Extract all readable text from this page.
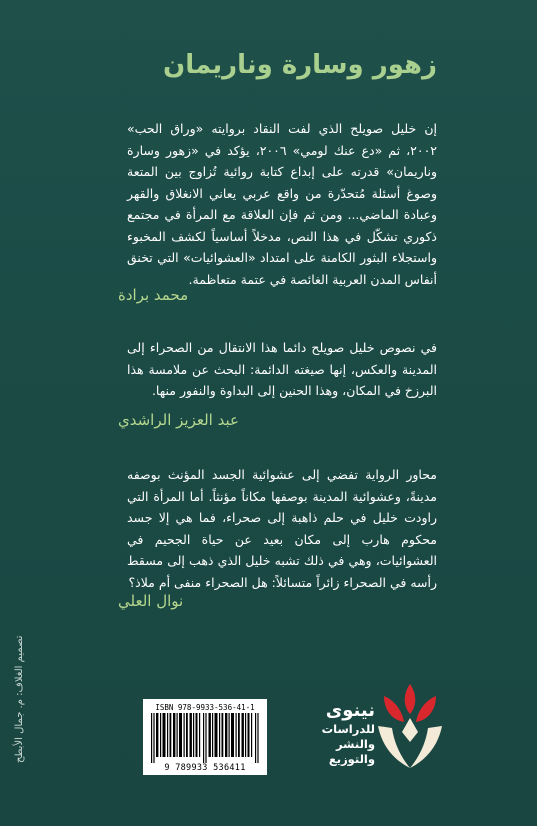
زهور وسارة وناريمان
إن خليل صويلح الذي لفت النقاد بروايته «وراق الحب» ٢٠٠٢، ثم «دع عنك لومي» ٢٠٠٦، يؤكد في «زهور وسارة وناريمان» قدرته على إبداع كتابة روائية تُزاوج بين المتعة وصوغ أسئلة مُتحدّرة من واقع عربي يعاني الانغلاق والقهر وعبادة الماضي... ومن ثم فإن العلاقة مع المرأة في مجتمع ذكوري تشكّل في هذا النص، مدخلاً أساسياً لكشف المخبوء واستجلاء البثور الكامنة على امتداد «العشوائيات» التي تخنق أنفاس المدن العربية الغائصة في عتمة متعاظمة.
محمد برادة
في نصوص خليل صويلح دائما هذا الانتقال من الصحراء إلى المدينة والعكس، إنها صيغته الدائمة: البحث عن ملامسة هذا البرزخ في المكان، وهذا الحنين إلى البداوة والنفور منها.
عبد العزيز الراشدي
محاور الرواية تفضي إلى عشوائية الجسد المؤنث بوصفه مدينةً، وعشوائية المدينة بوصفها مكاناً مؤنثاً. أما المرأة التي راودت خليل في حلم ذاهبة إلى صحراء، فما هي إلا جسد محكوم هارب إلى مكان بعيد عن حياة الجحيم في العشوائيات، وهي في ذلك تشبه خليل الذي ذهب إلى مسقط رأسه في الصحراء زائراً متسائلاً: هل الصحراء منفى أم ملاذ؟
نوال العلي
تصميم الغلاف: م. جمال الأبطح	ISBN 978-9933-536-41-1
9 789933 536411
نينوى
للدراسات
والنشر
والتوزيع
